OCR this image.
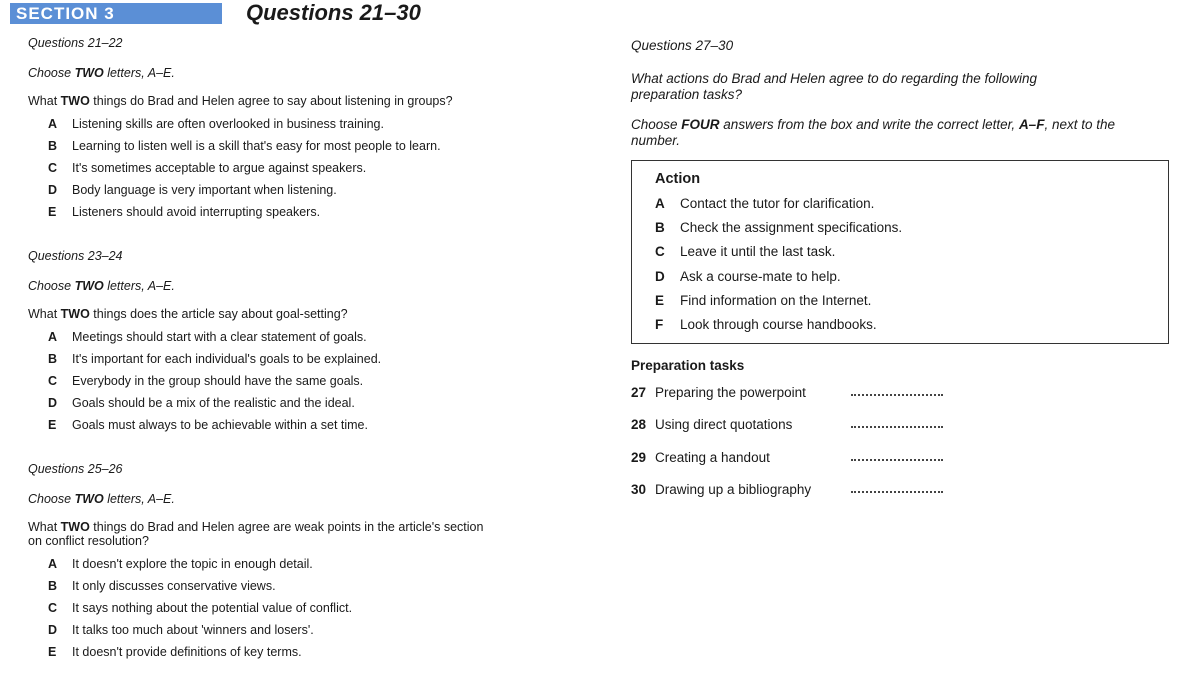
SECTION 3	Questions 21–30
Questions 21–22
Choose TWO letters, A–E.
What TWO things do Brad and Helen agree to say about listening in groups?
A	Listening skills are often overlooked in business training.
B	Learning to listen well is a skill that's easy for most people to learn.
C	It's sometimes acceptable to argue against speakers.
D	Body language is very important when listening.
E	Listeners should avoid interrupting speakers.
Questions 23–24
Choose TWO letters, A–E.
What TWO things does the article say about goal-setting?
A	Meetings should start with a clear statement of goals.
B	It's important for each individual's goals to be explained.
C	Everybody in the group should have the same goals.
D	Goals should be a mix of the realistic and the ideal.
E	Goals must always to be achievable within a set time.
Questions 25–26
Choose TWO letters, A–E.
What TWO things do Brad and Helen agree are weak points in the article's section on conflict resolution?
A	It doesn't explore the topic in enough detail.
B	It only discusses conservative views.
C	It says nothing about the potential value of conflict.
D	It talks too much about 'winners and losers'.
E	It doesn't provide definitions of key terms.
Questions 27–30
What actions do Brad and Helen agree to do regarding the following preparation tasks?
Choose FOUR answers from the box and write the correct letter, A–F, next to the number.
Action
A	Contact the tutor for clarification.
B	Check the assignment specifications.
C	Leave it until the last task.
D	Ask a course-mate to help.
E	Find information on the Internet.
F	Look through course handbooks.
Preparation tasks
27 Preparing the powerpoint
28 Using direct quotations
29 Creating a handout
30 Drawing up a bibliography
